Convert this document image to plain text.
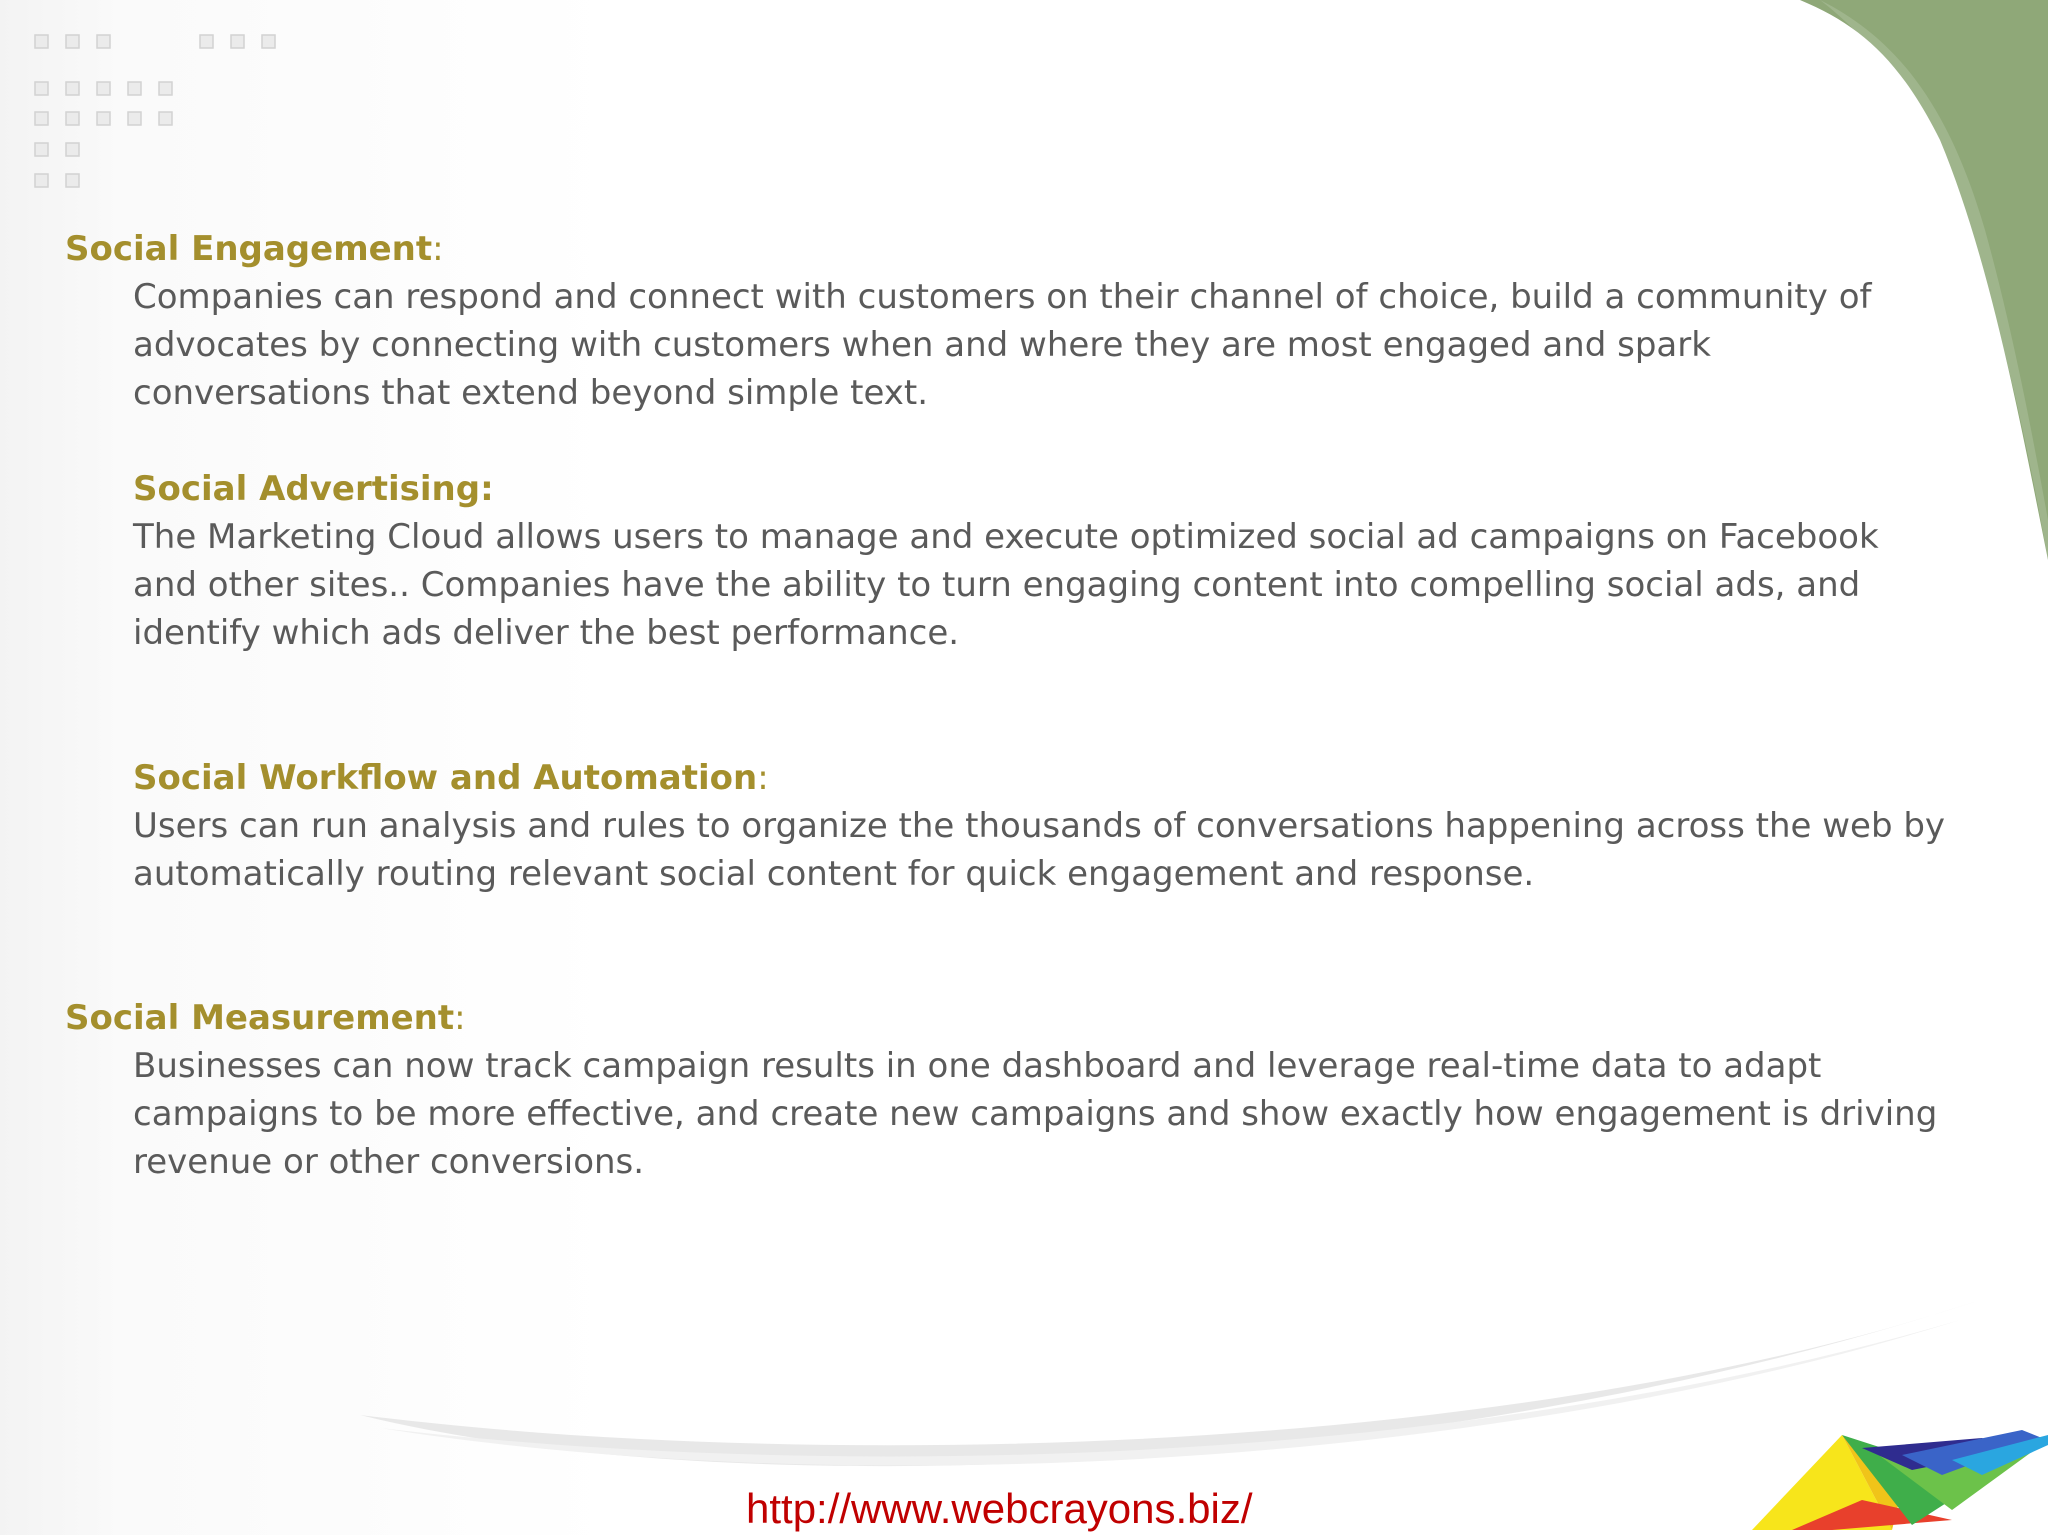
Social Engagement:
Companies can respond and connect with customers on their channel of choice, build a community of
advocates by connecting with customers when and where they are most engaged and spark
conversations that extend beyond simple text.
Social Advertising:
The Marketing Cloud allows users to manage and execute optimized social ad campaigns on Facebook
and other sites.. Companies have the ability to turn engaging content into compelling social ads, and
identify which ads deliver the best performance.
Social Workflow and Automation:
Users can run analysis and rules to organize the thousands of conversations happening across the web by
automatically routing relevant social content for quick engagement and response.
Social Measurement:
Businesses can now track campaign results in one dashboard and leverage real-time data to adapt
campaigns to be more effective, and create new campaigns and show exactly how engagement is driving
revenue or other conversions.
http://www.webcrayons.biz/
